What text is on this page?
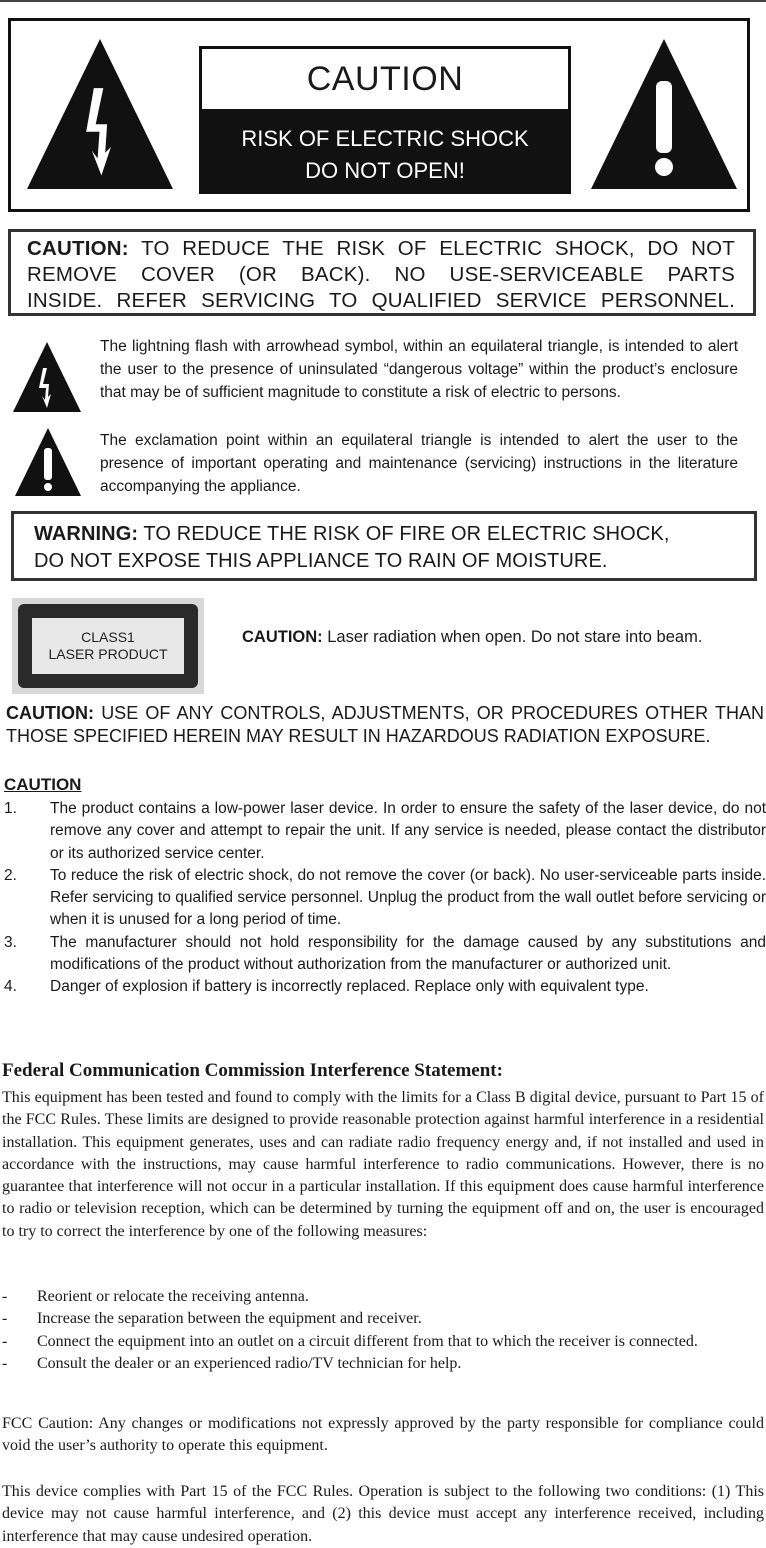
CAUTION
RISK OF ELECTRIC SHOCK
DO NOT OPEN!
CAUTION: TO REDUCE THE RISK OF ELECTRIC SHOCK, DO NOT
REMOVE COVER (OR BACK). NO USE-SERVICEABLE PARTS
INSIDE. REFER SERVICING TO QUALIFIED SERVICE PERSONNEL.

The lightning flash with arrowhead symbol, within an equilateral triangle, is intended to alert the user to the presence of uninsulated “dangerous voltage” within the product’s enclosure that may be of sufficient magnitude to constitute a risk of electric to persons.

The exclamation point within an equilateral triangle is intended to alert the user to the presence of important operating and maintenance (servicing) instructions in the literature accompanying the appliance.

WARNING: TO REDUCE THE RISK OF FIRE OR ELECTRIC SHOCK,
DO NOT EXPOSE THIS APPLIANCE TO RAIN OF MOISTURE.
CLASS1
LASER PRODUCT
CAUTION: Laser radiation when open. Do not stare into beam.
CAUTION: USE OF ANY CONTROLS, ADJUSTMENTS, OR PROCEDURES OTHER THAN THOSE SPECIFIED HEREIN MAY RESULT IN HAZARDOUS RADIATION EXPOSURE.
CAUTION
1.	The product contains a low-power laser device. In order to ensure the safety of the laser device, do not remove any cover and attempt to repair the unit. If any service is needed, please contact the distributor or its authorized service center.
2.	To reduce the risk of electric shock, do not remove the cover (or back). No user-serviceable parts inside. Refer servicing to qualified service personnel. Unplug the product from the wall outlet before servicing or when it is unused for a long period of time.
3.	The manufacturer should not hold responsibility for the damage caused by any substitutions and modifications of the product without authorization from the manufacturer or authorized unit.
4.	Danger of explosion if battery is incorrectly replaced. Replace only with equivalent type.
Federal Communication Commission Interference Statement:
This equipment has been tested and found to comply with the limits for a Class B digital device, pursuant to Part 15 of the FCC Rules. These limits are designed to provide reasonable protection against harmful interference in a residential installation. This equipment generates, uses and can radiate radio frequency energy and, if not installed and used in accordance with the instructions, may cause harmful interference to radio communications. However, there is no guarantee that interference will not occur in a particular installation. If this equipment does cause harmful interference to radio or television reception, which can be determined by turning the equipment off and on, the user is encouraged to try to correct the interference by one of the following measures:
-	Reorient or relocate the receiving antenna.
-	Increase the separation between the equipment and receiver.
-	Connect the equipment into an outlet on a circuit different from that to which the receiver is connected.
-	Consult the dealer or an experienced radio/TV technician for help.
FCC Caution: Any changes or modifications not expressly approved by the party responsible for compliance could void the user’s authority to operate this equipment.
This device complies with Part 15 of the FCC Rules. Operation is subject to the following two conditions: (1) This device may not cause harmful interference, and (2) this device must accept any interference received, including interference that may cause undesired operation.
